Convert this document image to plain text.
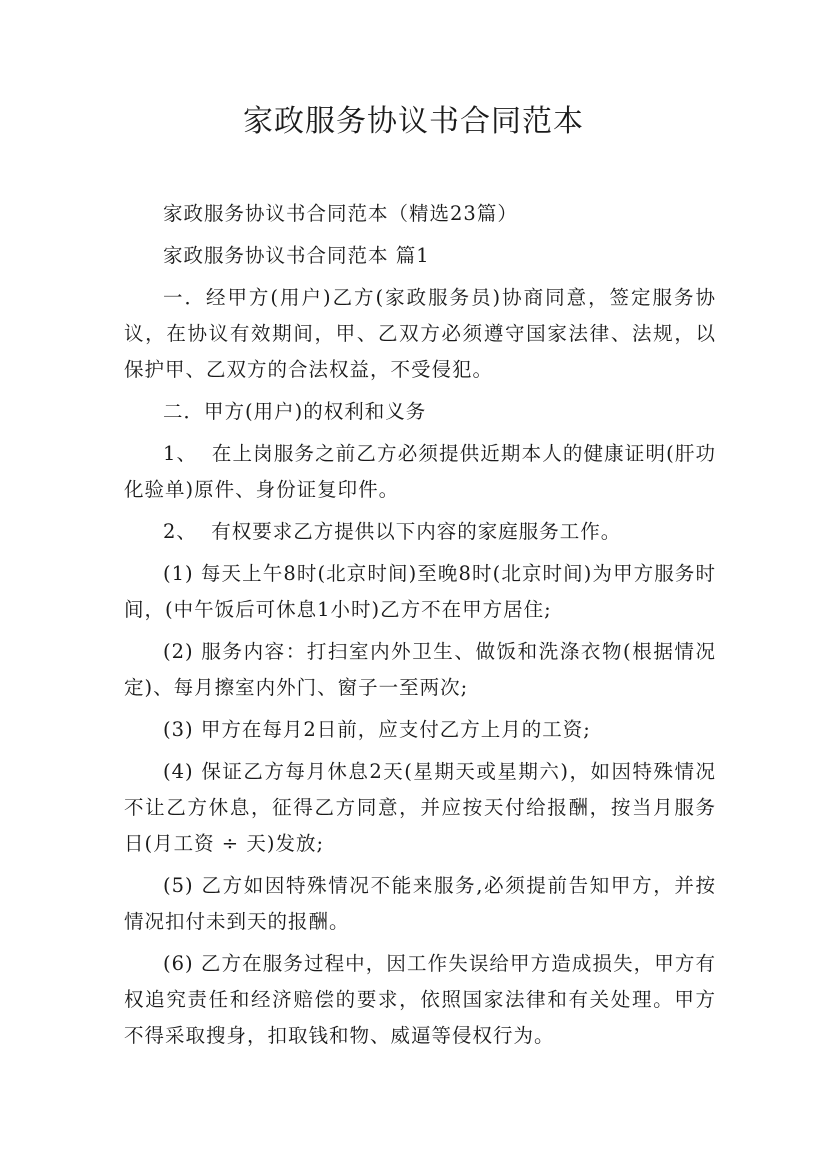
家政服务协议书合同范本

家政服务协议书合同范本（精选23篇）

家政服务协议书合同范本 篇1

一．经甲方(用户)乙方(家政服务员)协商同意，签定服务协议，在协议有效期间，甲、乙双方必须遵守国家法律、法规，以保护甲、乙双方的合法权益，不受侵犯。

二．甲方(用户)的权利和义务

1、  在上岗服务之前乙方必须提供近期本人的健康证明(肝功化验单)原件、身份证复印件。

2、  有权要求乙方提供以下内容的家庭服务工作。

(1) 每天上午8时(北京时间)至晚8时(北京时间)为甲方服务时间，(中午饭后可休息1小时)乙方不在甲方居住;

(2) 服务内容：打扫室内外卫生、做饭和洗涤衣物(根据情况定)、每月擦室内外门、窗子一至两次;

(3) 甲方在每月2日前，应支付乙方上月的工资;

(4) 保证乙方每月休息2天(星期天或星期六)，如因特殊情况不让乙方休息，征得乙方同意，并应按天付给报酬，按当月服务日(月工资 ÷ 天)发放;

(5) 乙方如因特殊情况不能来服务,必须提前告知甲方，并按情况扣付未到天的报酬。

(6) 乙方在服务过程中，因工作失误给甲方造成损失，甲方有权追究责任和经济赔偿的要求，依照国家法律和有关处理。甲方不得采取搜身，扣取钱和物、威逼等侵权行为。
